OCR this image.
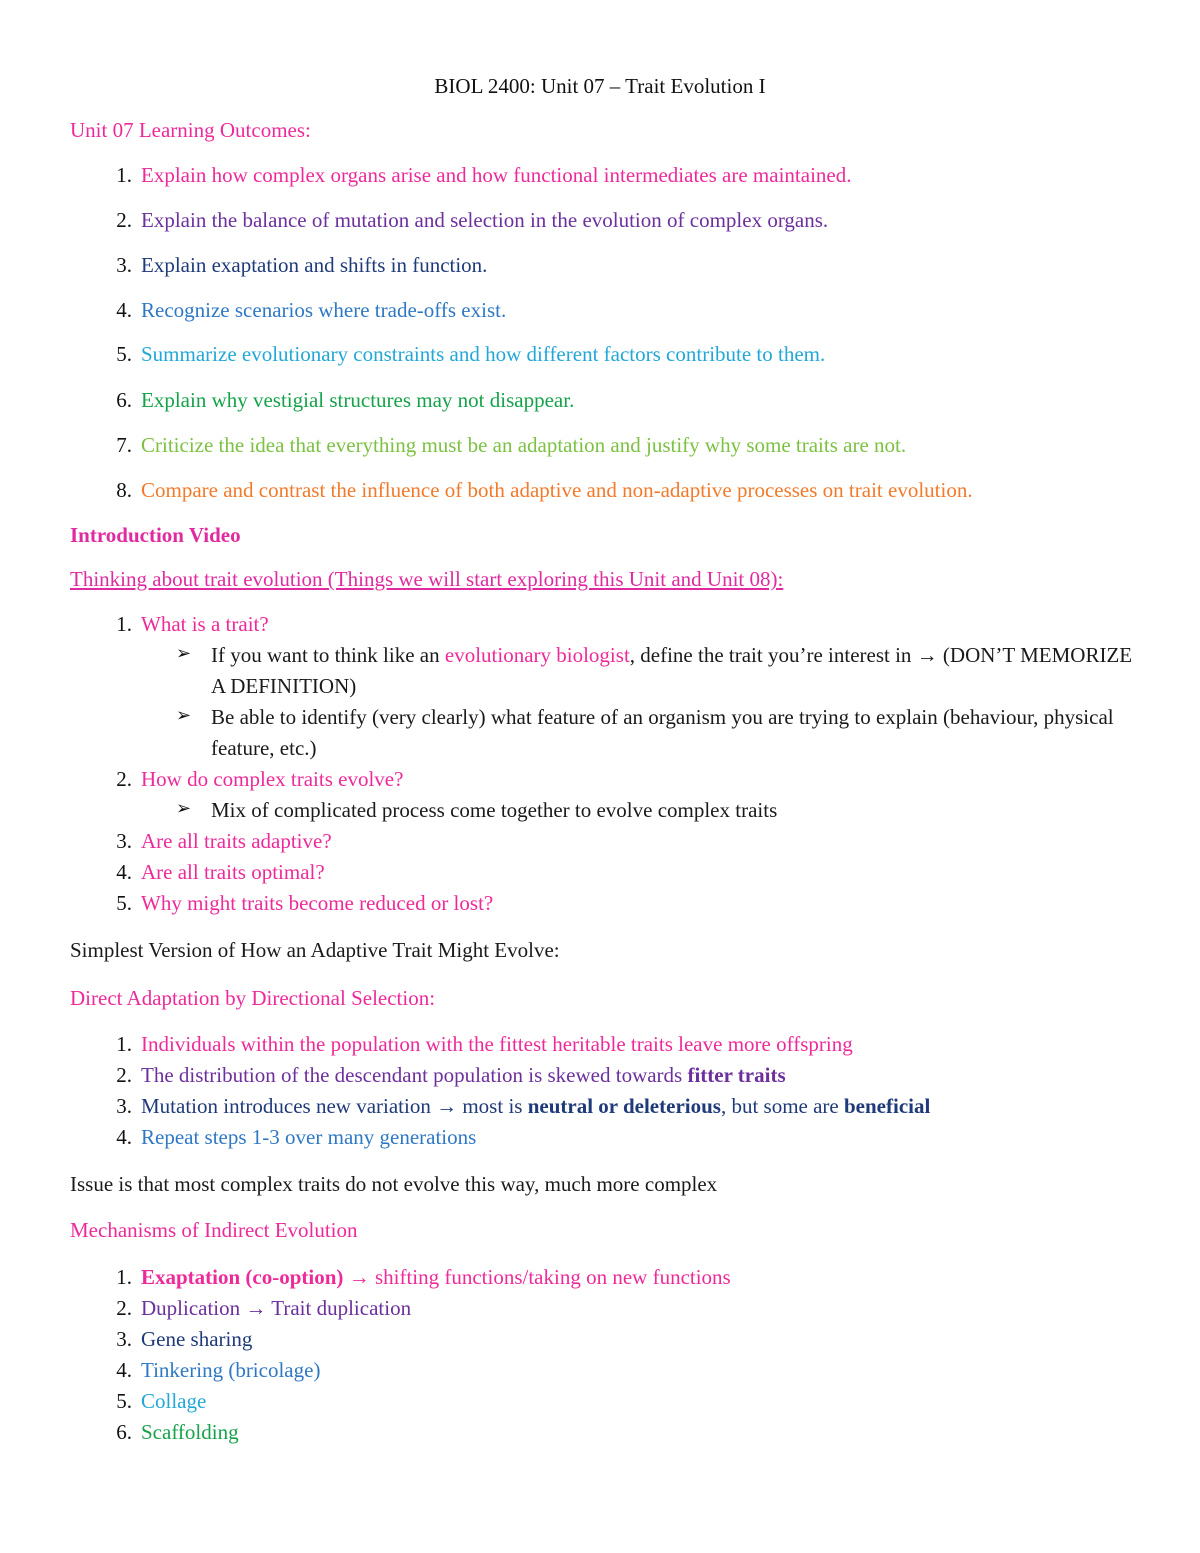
BIOL 2400: Unit 07 – Trait Evolution I
Unit 07 Learning Outcomes:
1. Explain how complex organs arise and how functional intermediates are maintained.
2. Explain the balance of mutation and selection in the evolution of complex organs.
3. Explain exaptation and shifts in function.
4. Recognize scenarios where trade-offs exist.
5. Summarize evolutionary constraints and how different factors contribute to them.
6. Explain why vestigial structures may not disappear.
7. Criticize the idea that everything must be an adaptation and justify why some traits are not.
8. Compare and contrast the influence of both adaptive and non-adaptive processes on trait evolution.
Introduction Video
Thinking about trait evolution (Things we will start exploring this Unit and Unit 08):
1. What is a trait?
➢ If you want to think like an evolutionary biologist, define the trait you’re interest in → (DON’T MEMORIZE A DEFINITION)
➢ Be able to identify (very clearly) what feature of an organism you are trying to explain (behaviour, physical feature, etc.)
2. How do complex traits evolve?
➢ Mix of complicated process come together to evolve complex traits
3. Are all traits adaptive?
4. Are all traits optimal?
5. Why might traits become reduced or lost?
Simplest Version of How an Adaptive Trait Might Evolve:
Direct Adaptation by Directional Selection:
1. Individuals within the population with the fittest heritable traits leave more offspring
2. The distribution of the descendant population is skewed towards fitter traits
3. Mutation introduces new variation → most is neutral or deleterious, but some are beneficial
4. Repeat steps 1-3 over many generations
Issue is that most complex traits do not evolve this way, much more complex
Mechanisms of Indirect Evolution
1. Exaptation (co-option) → shifting functions/taking on new functions
2. Duplication → Trait duplication
3. Gene sharing
4. Tinkering (bricolage)
5. Collage
6. Scaffolding
